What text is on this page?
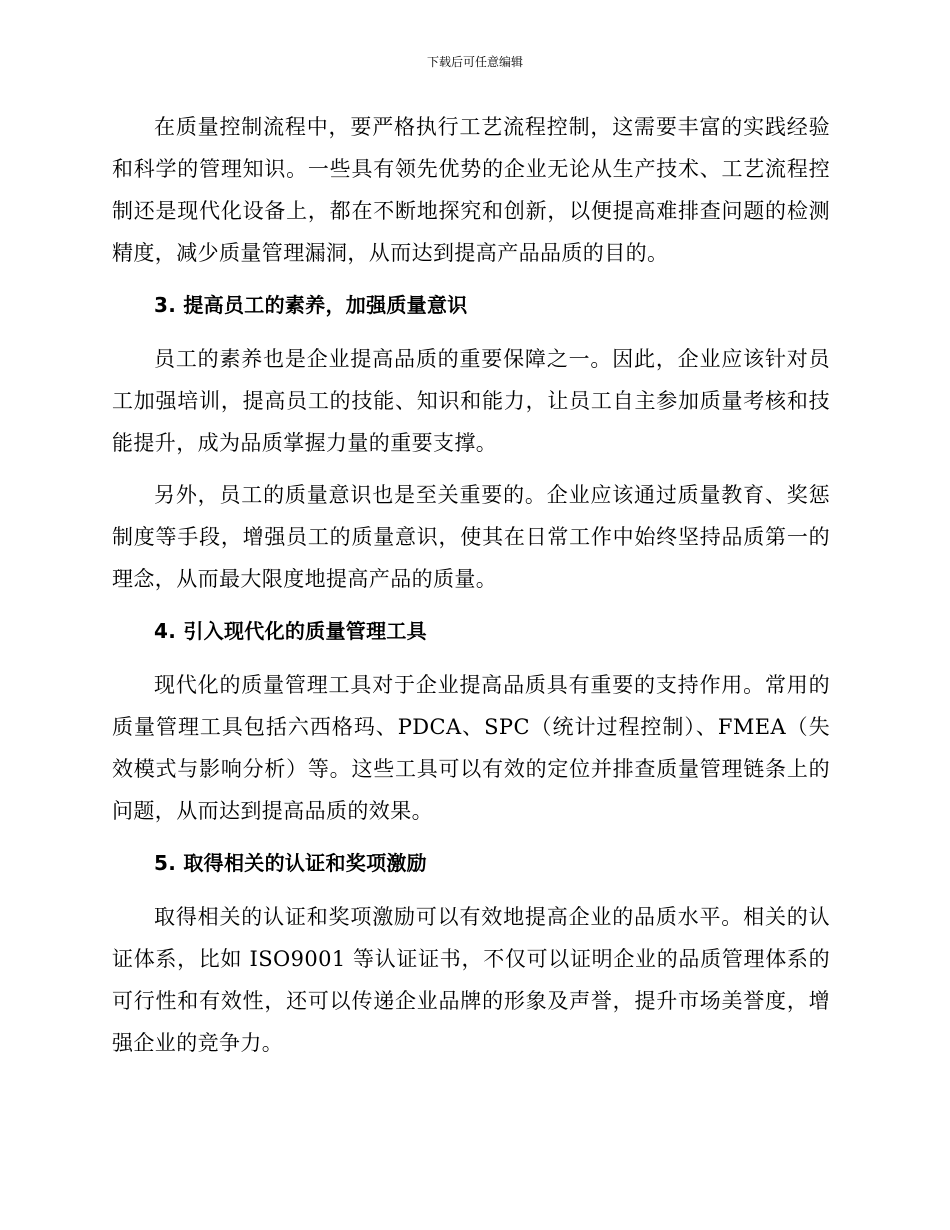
下载后可任意编辑

在质量控制流程中，要严格执行工艺流程控制，这需要丰富的实践经验和科学的管理知识。一些具有领先优势的企业无论从生产技术、工艺流程控制还是现代化设备上，都在不断地探究和创新，以便提高难排查问题的检测精度，减少质量管理漏洞，从而达到提高产品品质的目的。

3. 提高员工的素养，加强质量意识

员工的素养也是企业提高品质的重要保障之一。因此，企业应该针对员工加强培训，提高员工的技能、知识和能力，让员工自主参加质量考核和技能提升，成为品质掌握力量的重要支撑。

另外，员工的质量意识也是至关重要的。企业应该通过质量教育、奖惩制度等手段，增强员工的质量意识，使其在日常工作中始终坚持品质第一的理念，从而最大限度地提高产品的质量。

4. 引入现代化的质量管理工具

现代化的质量管理工具对于企业提高品质具有重要的支持作用。常用的质量管理工具包括六西格玛、PDCA、SPC（统计过程控制）、FMEA（失效模式与影响分析）等。这些工具可以有效的定位并排查质量管理链条上的问题，从而达到提高品质的效果。

5. 取得相关的认证和奖项激励

取得相关的认证和奖项激励可以有效地提高企业的品质水平。相关的认证体系，比如 ISO9001 等认证证书，不仅可以证明企业的品质管理体系的可行性和有效性，还可以传递企业品牌的形象及声誉，提升市场美誉度，增强企业的竞争力。
